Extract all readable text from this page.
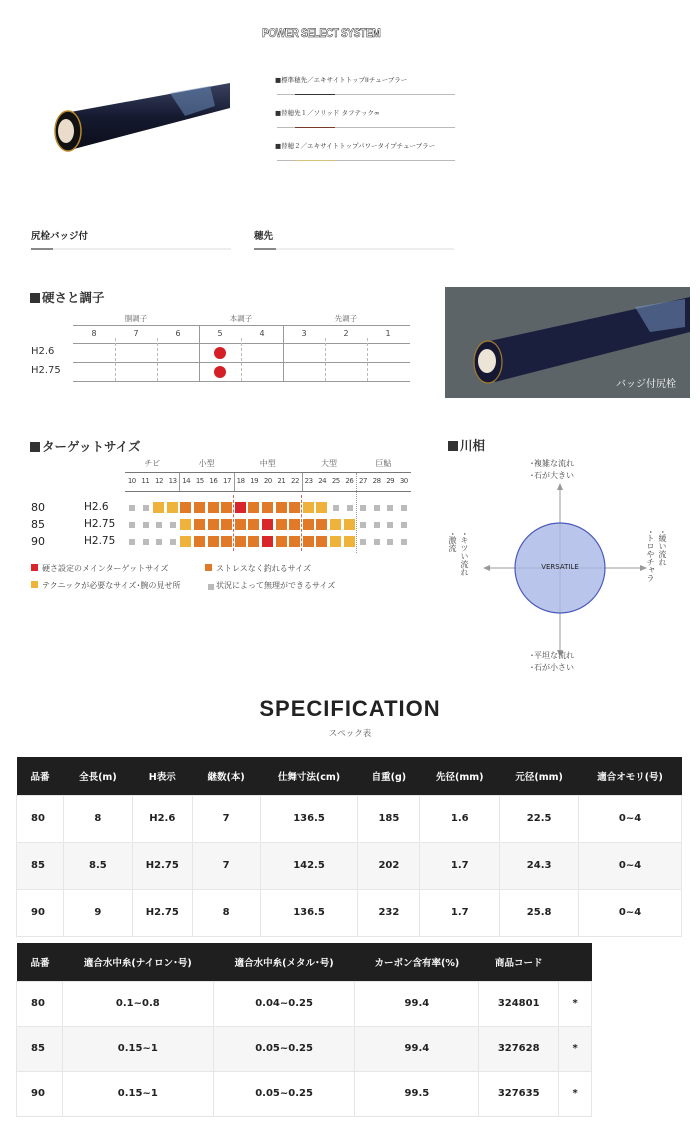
POWER SELECT SYSTEM
■標準穂先／エキサイトトップIIチューブラー
■替穂先１／ソリッド タフテック∞
■替穂２／エキサイトトップパワータイプチューブラー
尻栓バッジ付	穂先
硬さと調子
胴調子	本調子	先調子
8	7	6	5	4	3	2	1
H2.6
H2.75
バッジ付尻栓
ターゲットサイズ
チビ	小型	中型	大型	巨鮎
10 11 12 13 14 15 16 17 18 19 20 21 22 23 24 25 26 27 28 29 30
80	H2.6
85	H2.75
90	H2.75
硬さ設定のメインターゲットサイズ	ストレスなく釣れるサイズ
テクニックが必要なサイズ･腕の見せ所	状況によって無理ができるサイズ
川相
VERSATILE
･複雑な流れ
･石が大きい
･平坦な流れ
･石が小さい
･キツい流れ
･激流	･緩い流れ
･トロやチャラ
SPECIFICATION
スペック表
品番	全長(m)	H表示	継数(本)	仕舞寸法(cm)	自重(g)	先径(mm)	元径(mm)	適合オモリ(号)
80	8	H2.6	7	136.5	185	1.6	22.5	0~4
85	8.5	H2.75	7	142.5	202	1.7	24.3	0~4
90	9	H2.75	8	136.5	232	1.7	25.8	0~4
品番	適合水中糸(ナイロン･号)	適合水中糸(メタル･号)	カーボン含有率(%)	商品コード	
80	0.1~0.8	0.04~0.25	99.4	324801	*
85	0.15~1	0.05~0.25	99.4	327628	*
90	0.15~1	0.05~0.25	99.5	327635	*
